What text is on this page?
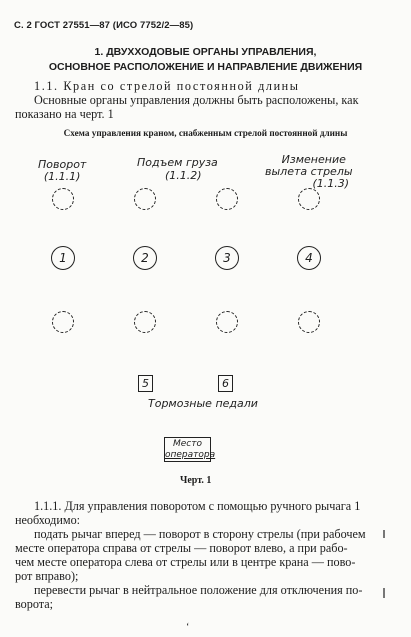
С. 2 ГОСТ 27551—87 (ИСО 7752/2—85)
1. ДВУХХОДОВЫЕ ОРГАНЫ УПРАВЛЕНИЯ,
ОСНОВНОЕ РАСПОЛОЖЕНИЕ И НАПРАВЛЕНИЕ ДВИЖЕНИЯ
1.1. Кран со стрелой постоянной длины
Основные органы управления должны быть расположены, как
показано на черт. 1
Схема управления краном, снабженным стрелой постоянной длины
Поворот
(1.1.1)
Подъем груза
(1.1.2)
Изменение
вылета стрелы
(1.1.3)
1	2	3	4
5	6
Тормозные педали
Место
оператора
Черт. 1
1.1.1. Для управления поворотом с помощью ручного рычага 1
необходимо:
подать рычаг вперед — поворот в сторону стрелы (при рабочем
месте оператора справа от стрелы — поворот влево, а при рабо-
чем месте оператора слева от стрелы или в центре крана — пово-
рот вправо);
перевести рычаг в нейтральное положение для отключения по-
ворота;
ʻ
